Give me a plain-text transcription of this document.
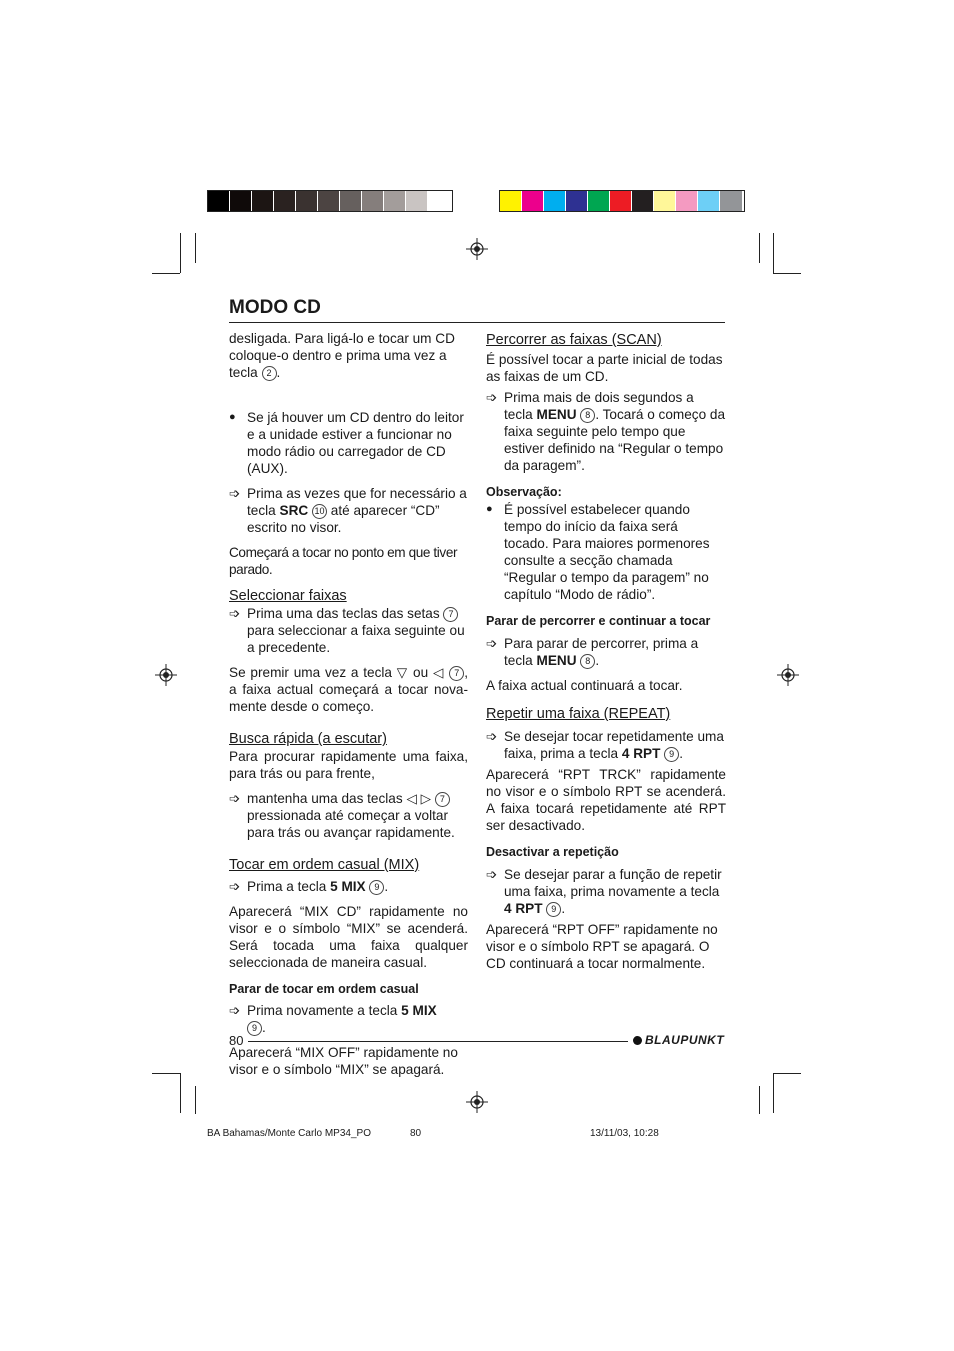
MODO CD

desligada. Para ligá-lo e tocar um CD coloque-o dentro e prima uma vez a tecla 2 .

● Se já houver um CD dentro do leitor e a unidade estiver a funcionar no modo rádio ou carregador de CD (AUX).

➩ Prima as vezes que for necessário a tecla SRC 10 até aparecer “CD” escrito no visor.

Começará a tocar no ponto em que tiver parado.

Seleccionar faixas

➩ Prima uma das teclas das setas 7 para seleccionar a faixa seguinte ou a precedente.

Se premir uma vez a tecla ▽ ou ◁ 7 , a faixa actual começará a tocar nova-mente desde o começo.

Busca rápida (a escutar)

Para procurar rapidamente uma faixa, para trás ou para frente,

➩ mantenha uma das teclas ◁ ▷ 7 pressionada até começar a voltar para trás ou avançar rapidamente.

Tocar em ordem casual (MIX)

➩ Prima a tecla 5 MIX 9 .

Aparecerá “MIX CD” rapidamente no visor e o símbolo “MIX” se acenderá. Será tocada uma faixa qualquer seleccionada de maneira casual.

Parar de tocar em ordem casual

➩ Prima novamente a tecla 5 MIX
9 .

Aparecerá “MIX OFF” rapidamente no visor e o símbolo “MIX” se apagará.

Percorrer as faixas (SCAN)

É possível tocar a parte inicial de todas as faixas de um CD.

➩ Prima mais de dois segundos a tecla MENU 8 . Tocará o começo da faixa seguinte pelo tempo que estiver definido na “Regular o tempo da paragem”.

Observação:

● É possível estabelecer quando tempo do início da faixa será tocado. Para maiores pormenores consulte a secção chamada “Regular o tempo da paragem” no capítulo “Modo de rádio”.

Parar de percorrer e continuar a tocar

➩ Para parar de percorrer, prima a tecla MENU 8 .

A faixa actual continuará a tocar.

Repetir uma faixa (REPEAT)

➩ Se desejar tocar repetidamente uma faixa, prima a tecla 4 RPT 9 .

Aparecerá “RPT TRCK” rapidamente no visor e o símbolo RPT se acenderá. A faixa tocará repetidamente até RPT ser desactivado.

Desactivar a repetição

➩ Se desejar parar a função de repetir uma faixa, prima novamente a tecla 4 RPT 9 .

Aparecerá “RPT OFF” rapidamente no visor e o símbolo RPT se apagará. O CD continuará a tocar normalmente.

80	BLAUPUNKT
BA Bahamas/Monte Carlo MP34_PO	80	13/11/03, 10:28
